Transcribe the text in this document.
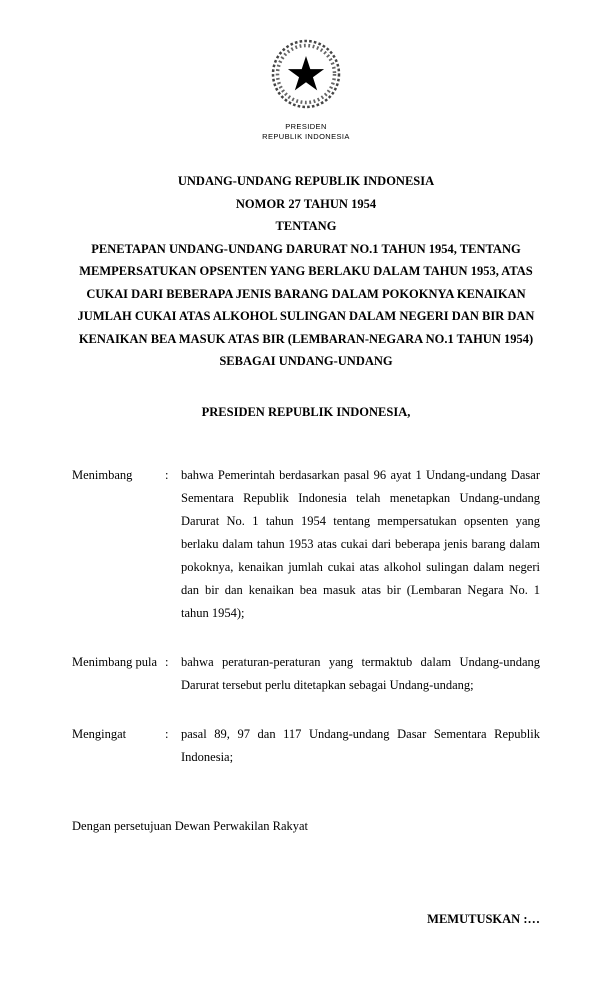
PRESIDEN
REPUBLIK INDONESIA
UNDANG-UNDANG REPUBLIK INDONESIA
NOMOR 27 TAHUN 1954
TENTANG

PENETAPAN UNDANG-UNDANG DARURAT NO.1 TAHUN 1954, TENTANG MEMPERSATUKAN OPSENTEN YANG BERLAKU DALAM TAHUN 1953, ATAS CUKAI DARI BEBERAPA JENIS BARANG DALAM POKOKNYA KENAIKAN JUMLAH CUKAI ATAS ALKOHOL SULINGAN DALAM NEGERI DAN BIR DAN KENAIKAN BEA MASUK ATAS BIR (LEMBARAN-NEGARA NO.1 TAHUN 1954) SEBAGAI UNDANG-UNDANG

PRESIDEN REPUBLIK INDONESIA,
Menimbang	:	bahwa Pemerintah berdasarkan pasal 96 ayat 1 Undang-undang Dasar Sementara Republik Indonesia telah menetapkan Undang-undang Darurat No. 1 tahun 1954 tentang mempersatukan opsenten yang berlaku dalam tahun 1953 atas cukai dari beberapa jenis barang dalam pokoknya, kenaikan jumlah cukai atas alkohol sulingan dalam negeri dan bir dan kenaikan bea masuk atas bir (Lembaran Negara No. 1 tahun 1954);
Menimbang pula :	bahwa peraturan-peraturan yang termaktub dalam Undang-undang Darurat tersebut perlu ditetapkan sebagai Undang-undang;
Mengingat	:	pasal 89, 97 dan 117 Undang-undang Dasar Sementara Republik Indonesia;
Dengan persetujuan Dewan Perwakilan Rakyat
MEMUTUSKAN :…
